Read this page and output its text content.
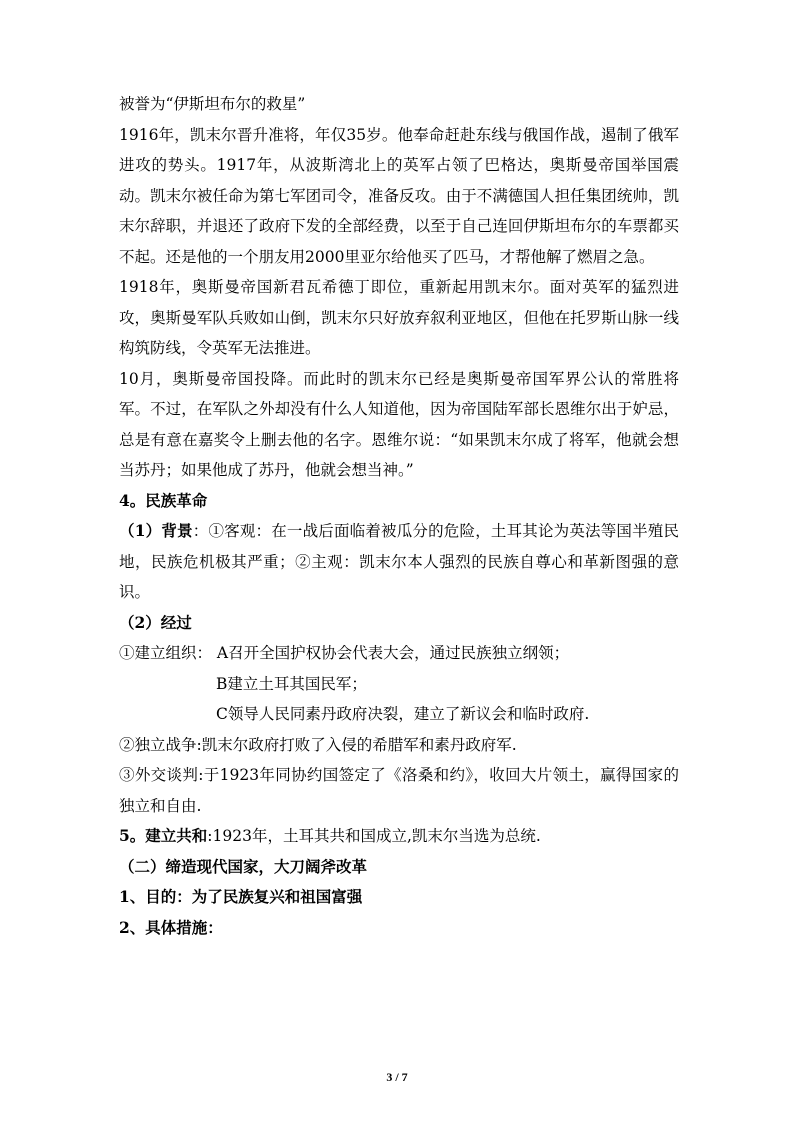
被誉为“伊斯坦布尔的救星”

1916年，凯末尔晋升准将，年仅35岁。他奉命赶赴东线与俄国作战，遏制了俄军进攻的势头。1917年，从波斯湾北上的英军占领了巴格达，奥斯曼帝国举国震动。凯末尔被任命为第七军团司令，准备反攻。由于不满德国人担任集团统帅，凯末尔辞职，并退还了政府下发的全部经费，以至于自己连回伊斯坦布尔的车票都买不起。还是他的一个朋友用2000里亚尔给他买了匹马，才帮他解了燃眉之急。

1918年，奥斯曼帝国新君瓦希德丁即位，重新起用凯末尔。面对英军的猛烈进攻，奥斯曼军队兵败如山倒，凯末尔只好放弃叙利亚地区，但他在托罗斯山脉一线构筑防线，令英军无法推进。

10月，奥斯曼帝国投降。而此时的凯末尔已经是奥斯曼帝国军界公认的常胜将军。不过，在军队之外却没有什么人知道他，因为帝国陆军部长恩维尔出于妒忌，总是有意在嘉奖令上删去他的名字。恩维尔说：“如果凯末尔成了将军，他就会想当苏丹；如果他成了苏丹，他就会想当神。”

4。民族革命

（1）背景：①客观：在一战后面临着被瓜分的危险，土耳其论为英法等国半殖民地，民族危机极其严重；②主观：凯末尔本人强烈的民族自尊心和革新图强的意识。

（2）经过

①建立组织： A召开全国护权协会代表大会，通过民族独立纲领；

B建立土耳其国民军；

C领导人民同素丹政府决裂，建立了新议会和临时政府.

②独立战争:凯末尔政府打败了入侵的希腊军和素丹政府军.

③外交谈判:于1923年同协约国签定了《洛桑和约》，收回大片领土，赢得国家的独立和自由.

5。建立共和:1923年，土耳其共和国成立,凯末尔当选为总统.

（二）缔造现代国家，大刀阔斧改革

1、目的：为了民族复兴和祖国富强

2、具体措施：

3 / 7
